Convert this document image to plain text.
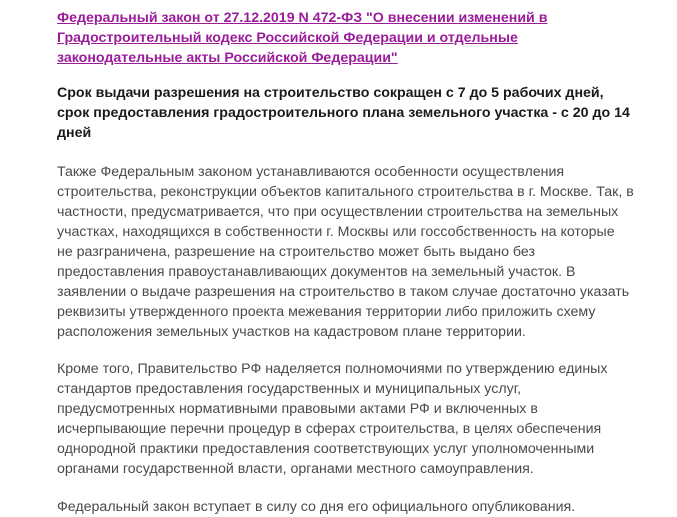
Федеральный закон от 27.12.2019 N 472-ФЗ "О внесении изменений в
Градостроительный кодекс Российской Федерации и отдельные
законодательные акты Российской Федерации"

Срок выдачи разрешения на строительство сокращен с 7 до 5 рабочих дней,
срок предоставления градостроительного плана земельного участка - с 20 до 14
дней

Также Федеральным законом устанавливаются особенности осуществления
строительства, реконструкции объектов капитального строительства в г. Москве. Так, в
частности, предусматривается, что при осуществлении строительства на земельных
участках, находящихся в собственности г. Москвы или госсобственность на которые
не разграничена, разрешение на строительство может быть выдано без
предоставления правоустанавливающих документов на земельный участок. В
заявлении о выдаче разрешения на строительство в таком случае достаточно указать
реквизиты утвержденного проекта межевания территории либо приложить схему
расположения земельных участков на кадастровом плане территории.

Кроме того, Правительство РФ наделяется полномочиями по утверждению единых
стандартов предоставления государственных и муниципальных услуг,
предусмотренных нормативными правовыми актами РФ и включенных в
исчерпывающие перечни процедур в сферах строительства, в целях обеспечения
однородной практики предоставления соответствующих услуг уполномоченными
органами государственной власти, органами местного самоуправления.

Федеральный закон вступает в силу со дня его официального опубликования.
